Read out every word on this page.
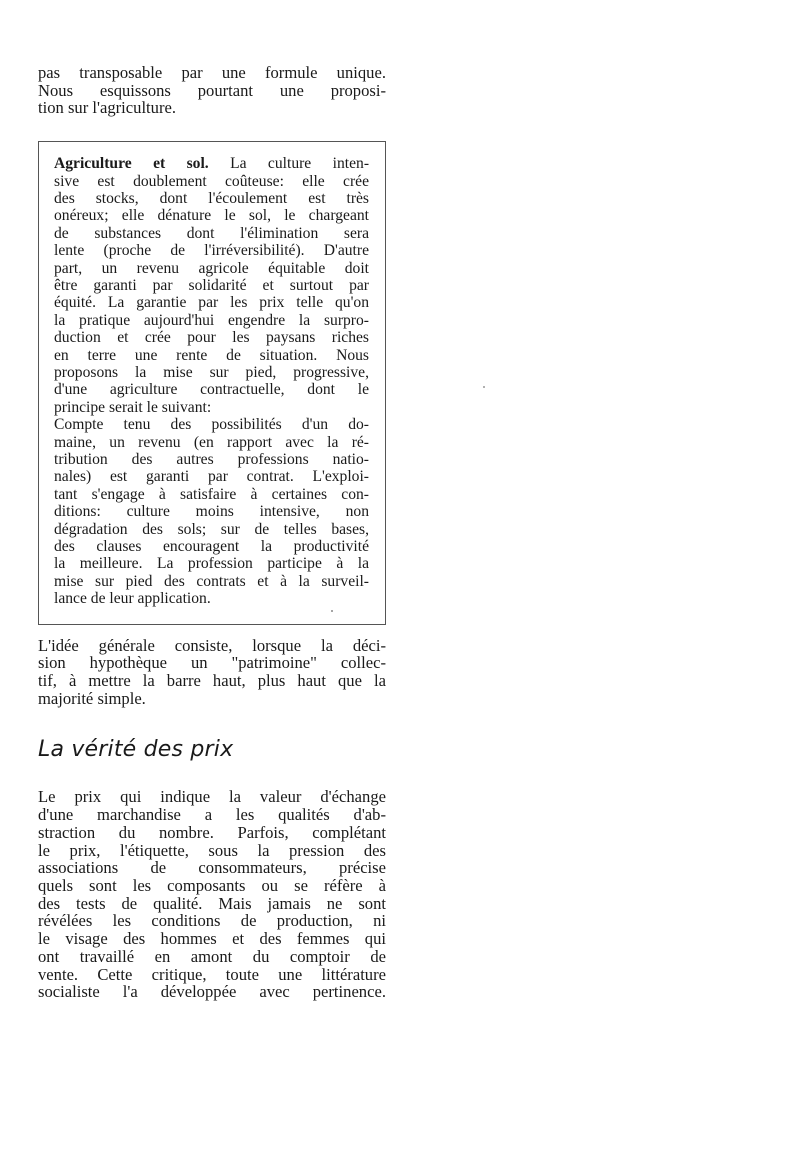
pas transposable par une formule unique.
Nous esquissons pourtant une proposi-
tion sur l'agriculture.

Agriculture et sol. La culture inten-
sive est doublement coûteuse: elle crée
des stocks, dont l'écoulement est très
onéreux; elle dénature le sol, le chargeant
de substances dont l'élimination sera
lente (proche de l'irréversibilité). D'autre
part, un revenu agricole équitable doit
être garanti par solidarité et surtout par
équité. La garantie par les prix telle qu'on
la pratique aujourd'hui engendre la surpro-
duction et crée pour les paysans riches
en terre une rente de situation. Nous
proposons la mise sur pied, progressive,
d'une agriculture contractuelle, dont le
principe serait le suivant:
Compte tenu des possibilités d'un do-
maine, un revenu (en rapport avec la ré-
tribution des autres professions natio-
nales) est garanti par contrat. L'exploi-
tant s'engage à satisfaire à certaines con-
ditions: culture moins intensive, non
dégradation des sols; sur de telles bases,
des clauses encouragent la productivité
la meilleure. La profession participe à la
mise sur pied des contrats et à la surveil-
lance de leur application.

L'idée générale consiste, lorsque la déci-
sion hypothèque un "patrimoine" collec-
tif, à mettre la barre haut, plus haut que la
majorité simple.

La vérité des prix

Le prix qui indique la valeur d'échange
d'une marchandise a les qualités d'ab-
straction du nombre. Parfois, complétant
le prix, l'étiquette, sous la pression des
associations de consommateurs, précise
quels sont les composants ou se réfère à
des tests de qualité. Mais jamais ne sont
révélées les conditions de production, ni
le visage des hommes et des femmes qui
ont travaillé en amont du comptoir de
vente. Cette critique, toute une littérature
socialiste l'a développée avec pertinence.
